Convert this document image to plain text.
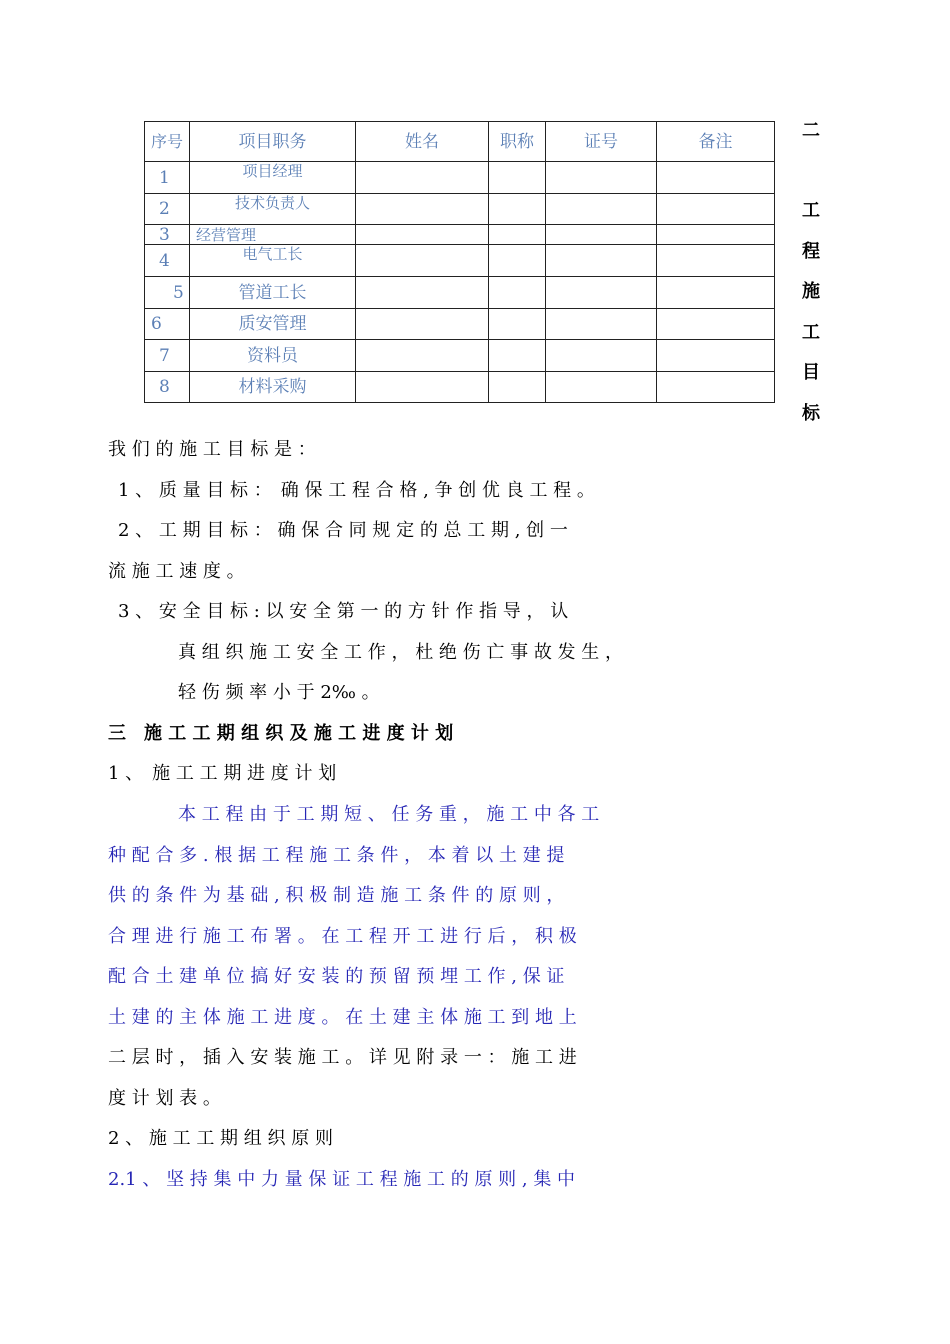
序号	项目职务	姓名	职称	证号	备注
1	项目经理				
2	技术负责人				
3	经营管理				
4	电气工长				
5	管道工长				
6	质安管理				
7	资料员				
8	材料采购				
二
工
程
施
工
目
标
我 们 的 施 工 目 标 是 ：
1 、 质 量 目 标 ：　确 保 工 程 合 格 , 争 创 优 良 工 程 。
2 、 工 期 目 标 ： 确 保 合 同 规 定 的 总 工 期 , 创 一
流 施 工 速 度 。
3 、 安 全 目 标 : 以 安 全 第 一 的 方 针 作 指 导 ， 认
真 组 织 施 工 安 全 工 作 ， 杜 绝 伤 亡 事 故 发 生 ，
轻 伤 频 率 小 于 2‰ 。
三　施 工 工 期 组 织 及 施 工 进 度 计 划
1 、　施 工 工 期 进 度 计 划
本 工 程 由 于 工 期 短 、 任 务 重 ， 施 工 中 各 工
种 配 合 多 . 根 据 工 程 施 工 条 件 ， 本 着 以 土 建 提
供 的 条 件 为 基 础 , 积 极 制 造 施 工 条 件 的 原 则 ，
合 理 进 行 施 工 布 署 。 在 工 程 开 工 进 行 后 ， 积 极
配 合 土 建 单 位 搞 好 安 装 的 预 留 预 埋 工 作 , 保 证
土 建 的 主 体 施 工 进 度 。 在 土 建 主 体 施 工 到 地 上
二 层 时 ， 插 入 安 装 施 工 。 详 见 附 录 一 ： 施 工 进
度 计 划 表 。
2 、 施 工 工 期 组 织 原 则
2.1 、 坚 持 集 中 力 量 保 证 工 程 施 工 的 原 则 , 集 中
